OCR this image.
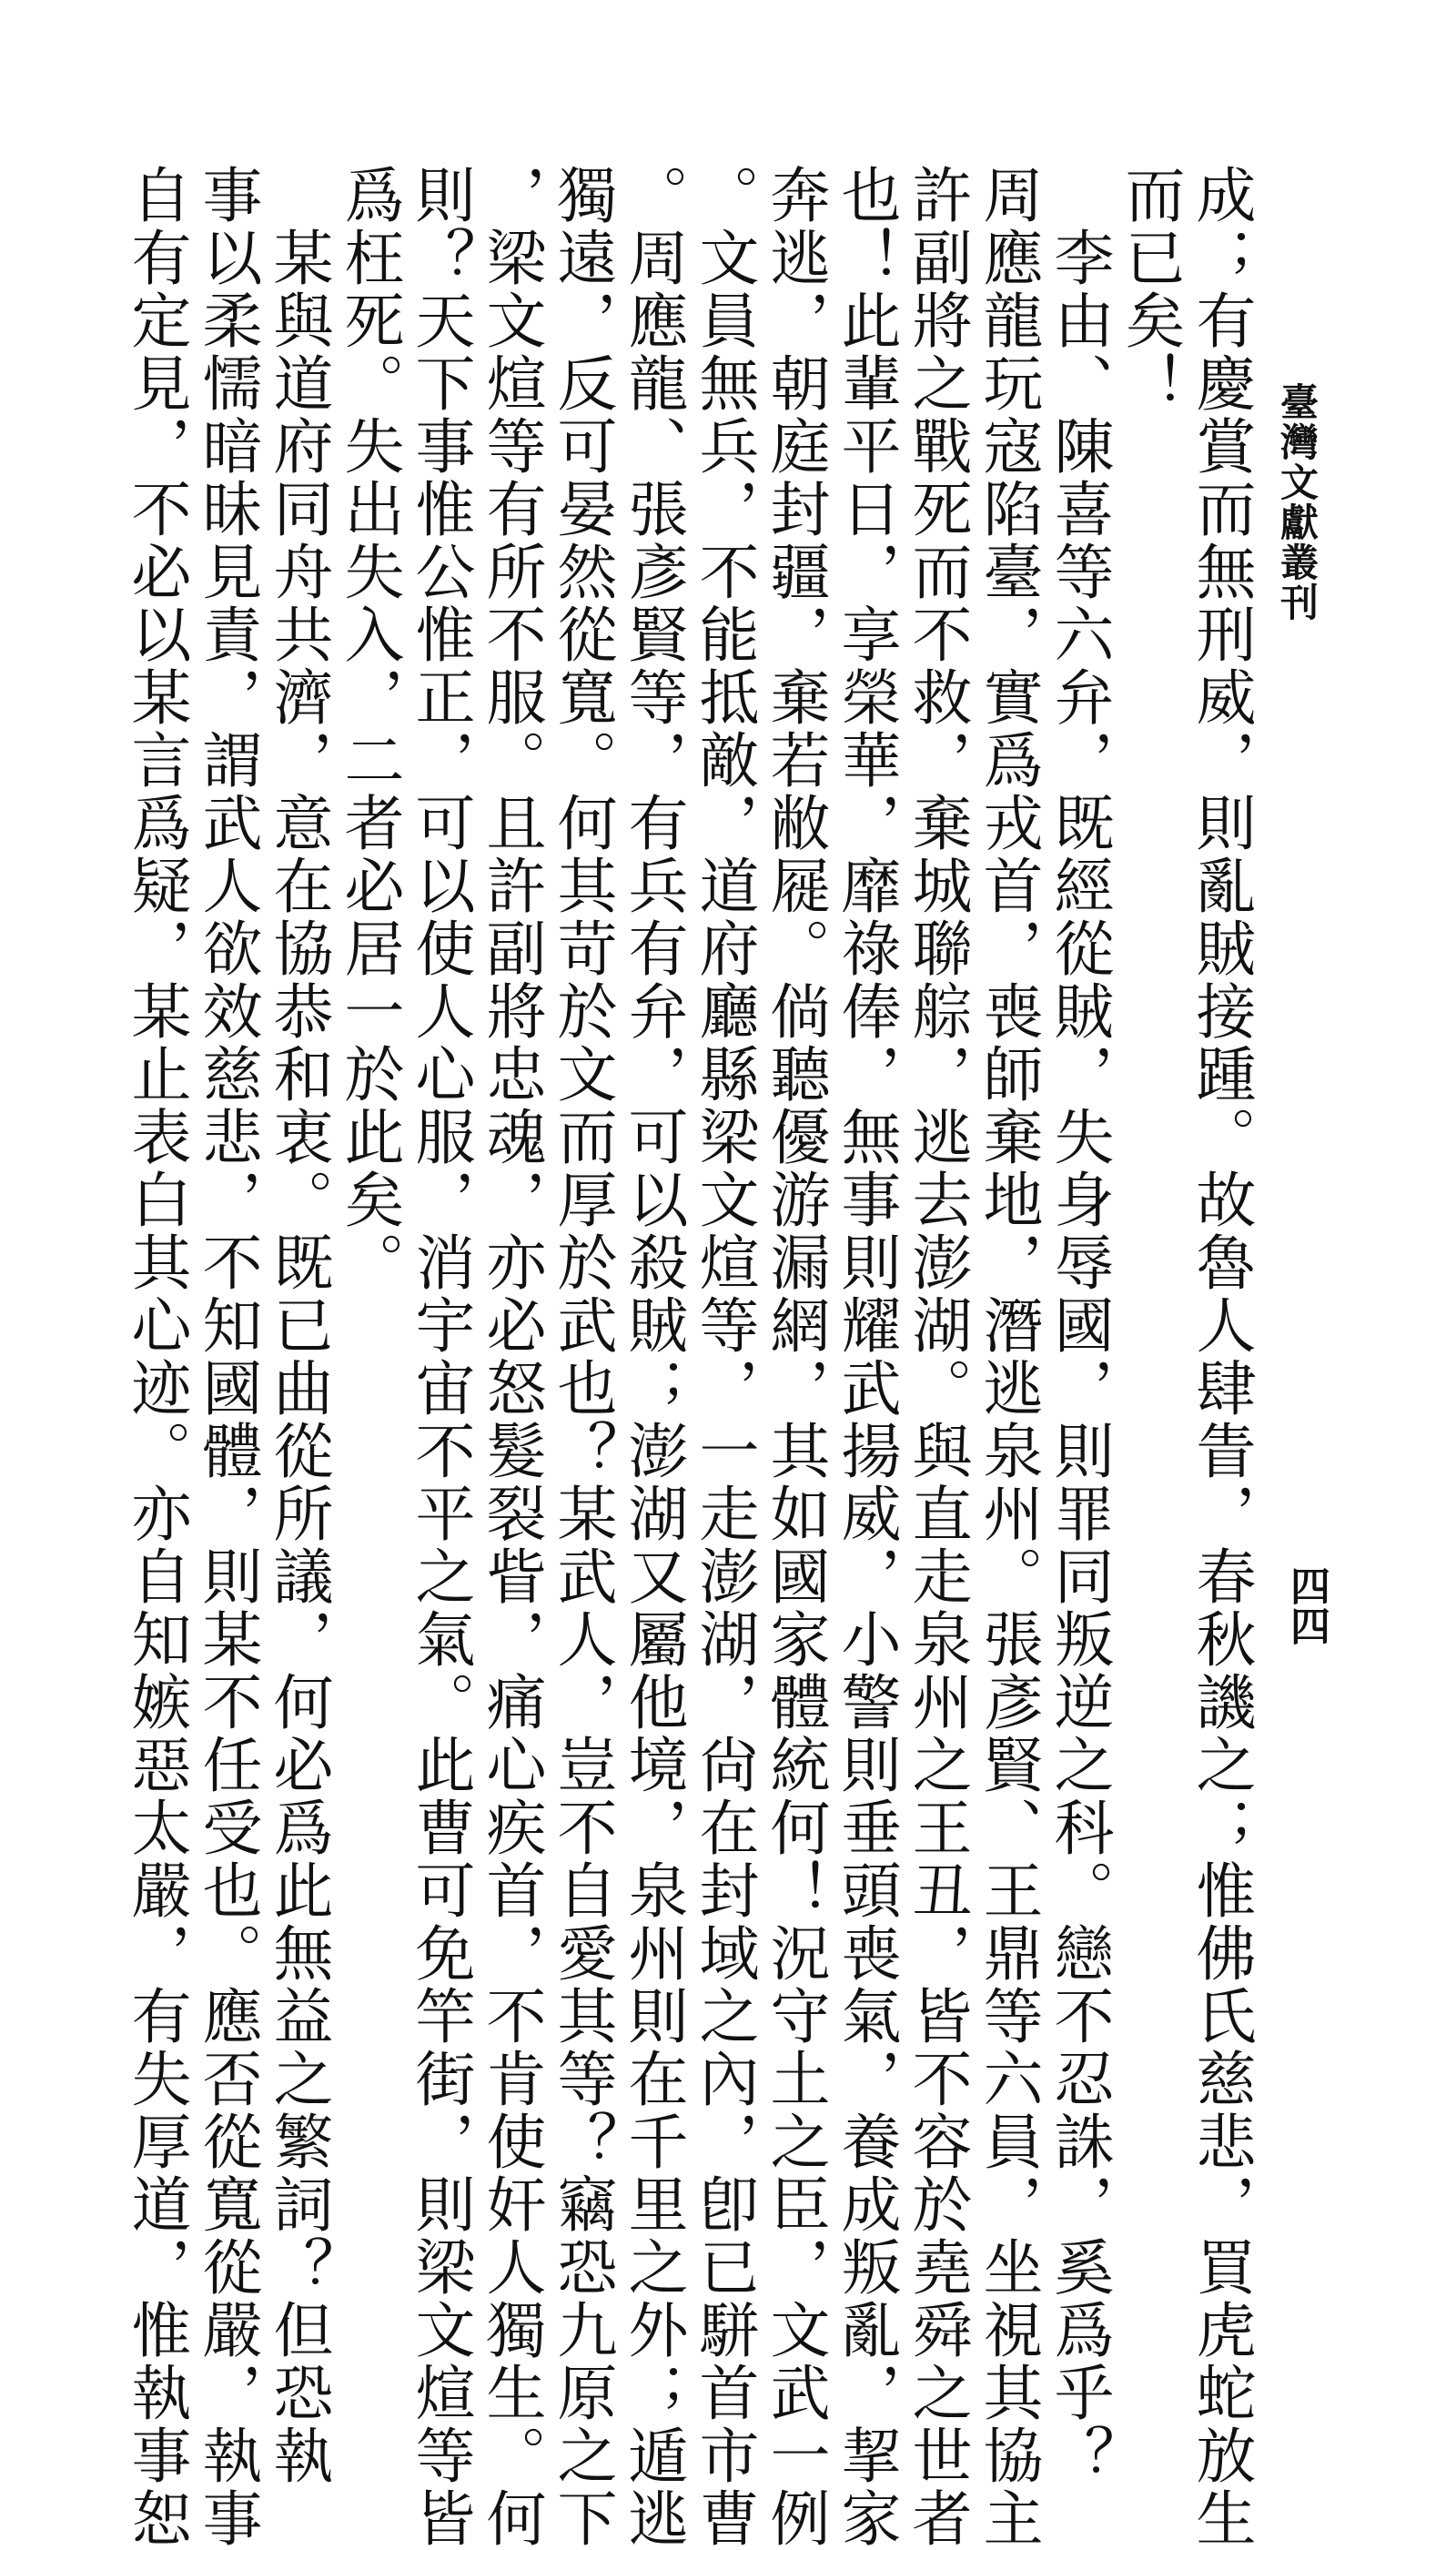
臺灣文獻叢刊
四四

成；有慶賞而無刑威，則亂賊接踵。故魯人肆眚，春秋譏之；惟佛氏慈悲，買虎蛇放生

而已矣！

　李由、陳喜等六弁，既經從賊，失身辱國，則罪同叛逆之科。戀不忍誅，奚爲乎？

周應龍玩寇陷臺，實爲戎首，喪師棄地，潛逃泉州。張彥賢、王鼎等六員，坐視其協主

許副將之戰死而不救，棄城聯䑸，逃去澎湖。與直走泉州之王丑，皆不容於堯舜之世者

也！此輩平日，享榮華，靡祿俸，無事則耀武揚威，小警則垂頭喪氣，養成叛亂，挈家

奔逃，朝庭封疆，棄若敝屣。倘聽優游漏網，其如國家體統何！況守土之臣，文武一例

。文員無兵，不能抵敵，道府廳縣梁文煊等，一走澎湖，尙在封域之內，卽已駢首市曹

。周應龍、張彥賢等，有兵有弁，可以殺賊；澎湖又屬他境，泉州則在千里之外；遁逃

獨遠，反可晏然從寬。何其苛於文而厚於武也？某武人，豈不自愛其等？竊恐九原之下

，梁文煊等有所不服。且許副將忠魂，亦必怒髮裂眥，痛心疾首，不肯使奸人獨生。何

則？天下事惟公惟正，可以使人心服，消宇宙不平之氣。此曹可免竿街，則梁文煊等皆

爲枉死。失出失入，二者必居一於此矣。

　某與道府同舟共濟，意在協恭和衷。既已曲從所議，何必爲此無益之繁詞？但恐執

事以柔懦暗昧見責，謂武人欲效慈悲，不知國體，則某不任受也。應否從寬從嚴，執事

自有定見，不必以某言爲疑，某止表白其心迹。亦自知嫉惡太嚴，有失厚道，惟執事恕
